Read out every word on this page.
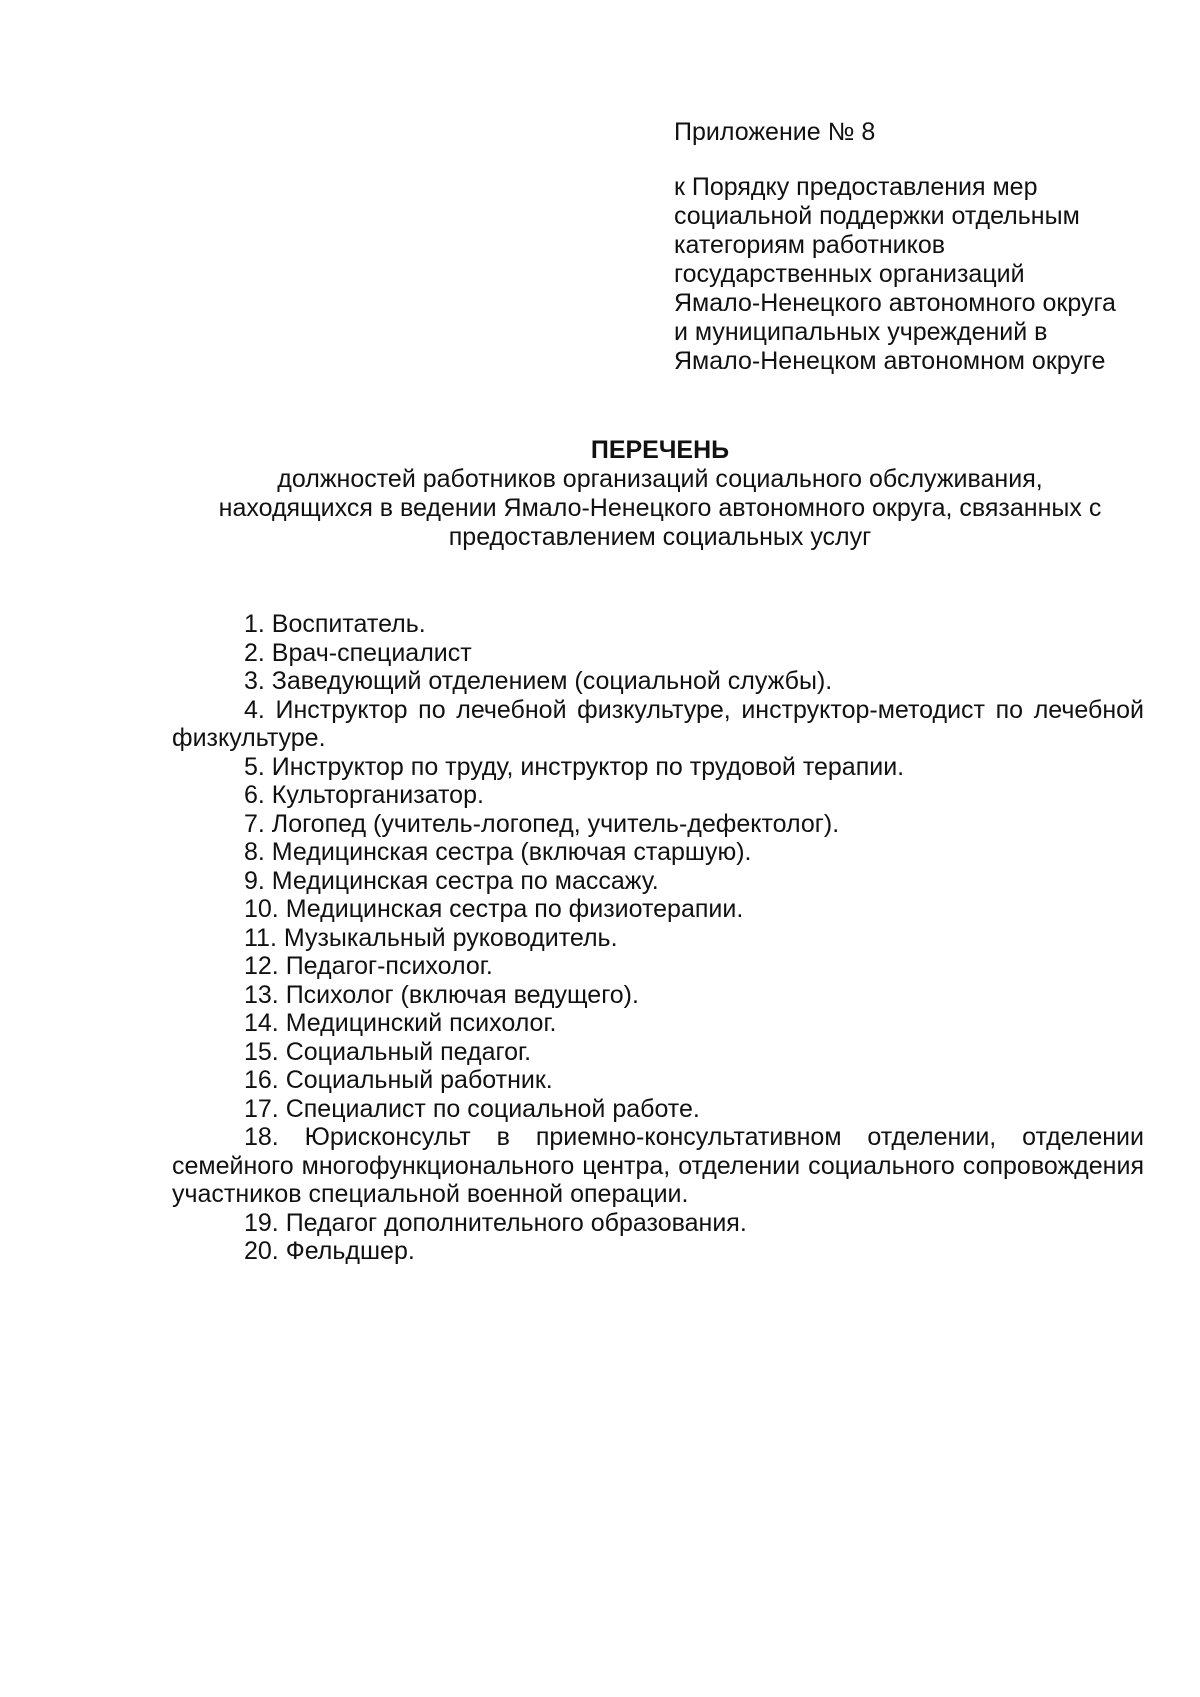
Приложение № 8

к Порядку предоставления мер
социальной поддержки отдельным
категориям работников
государственных организаций
Ямало-Ненецкого автономного округа
и муниципальных учреждений в
Ямало-Ненецком автономном округе

ПЕРЕЧЕНЬ

должностей работников организаций социального обслуживания,
находящихся в ведении Ямало-Ненецкого автономного округа, связанных с
предоставлением социальных услуг

1. Воспитатель.
2. Врач-специалист
3. Заведующий отделением (социальной службы).
4. Инструктор по лечебной физкультуре, инструктор-методист по лечебной физкультуре.
5. Инструктор по труду, инструктор по трудовой терапии.
6. Культорганизатор.
7. Логопед (учитель-логопед, учитель-дефектолог).
8. Медицинская сестра (включая старшую).
9. Медицинская сестра по массажу.
10. Медицинская сестра по физиотерапии.
11. Музыкальный руководитель.
12. Педагог-психолог.
13. Психолог (включая ведущего).
14. Медицинский психолог.
15. Социальный педагог.
16. Социальный работник.
17. Специалист по социальной работе.
18. Юрисконсульт в приемно-консультативном отделении, отделении семейного многофункционального центра, отделении социального сопровождения участников специальной военной операции.
19. Педагог дополнительного образования.
20. Фельдшер.
